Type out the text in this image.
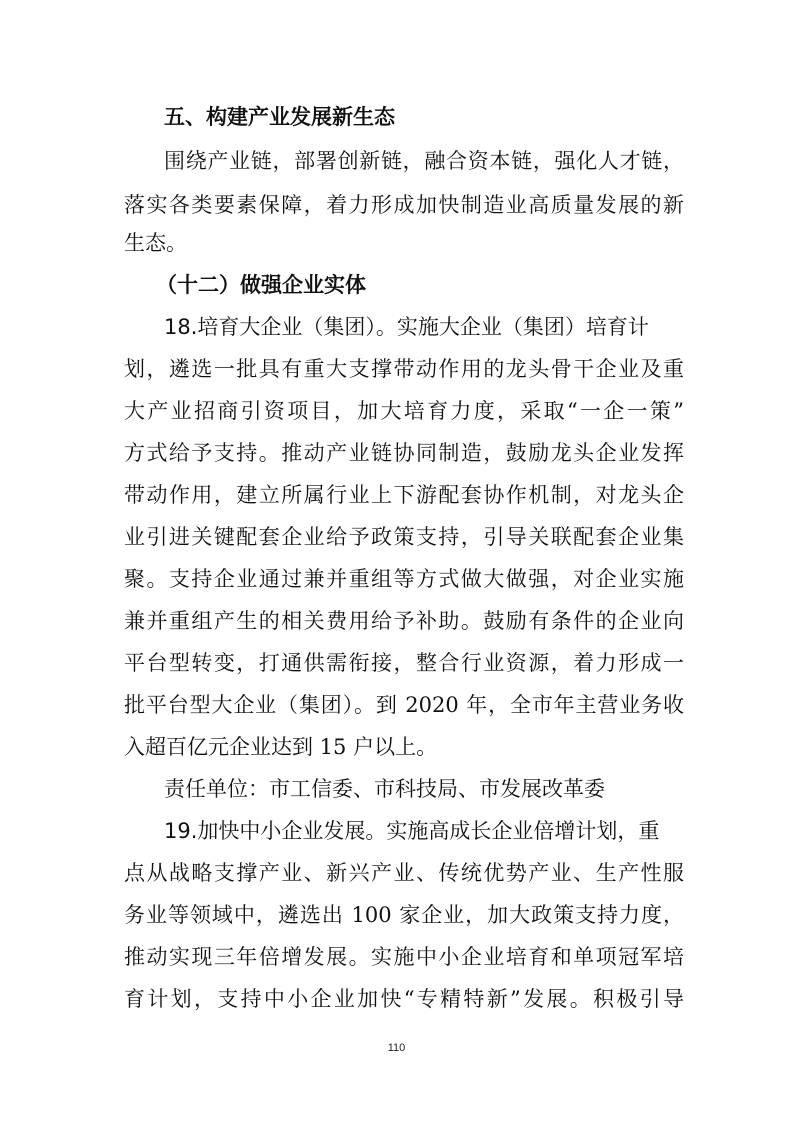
五、构建产业发展新生态
围绕产业链，部署创新链，融合资本链，强化人才链，
落实各类要素保障，着力形成加快制造业高质量发展的新
生态。
（十二）做强企业实体
18.培育大企业（集团）。实施大企业（集团）培育计
划，遴选一批具有重大支撑带动作用的龙头骨干企业及重
大产业招商引资项目，加大培育力度，采取“一企一策”
方式给予支持。推动产业链协同制造，鼓励龙头企业发挥
带动作用，建立所属行业上下游配套协作机制，对龙头企
业引进关键配套企业给予政策支持，引导关联配套企业集
聚。支持企业通过兼并重组等方式做大做强，对企业实施
兼并重组产生的相关费用给予补助。鼓励有条件的企业向
平台型转变，打通供需衔接，整合行业资源，着力形成一
批平台型大企业（集团）。到 2020 年，全市年主营业务收
入超百亿元企业达到 15 户以上。
责任单位：市工信委、市科技局、市发展改革委
19.加快中小企业发展。实施高成长企业倍增计划，重
点从战略支撑产业、新兴产业、传统优势产业、生产性服
务业等领域中，遴选出 100 家企业，加大政策支持力度，
推动实现三年倍增发展。实施中小企业培育和单项冠军培
育计划，支持中小企业加快“专精特新”发展。积极引导
110
